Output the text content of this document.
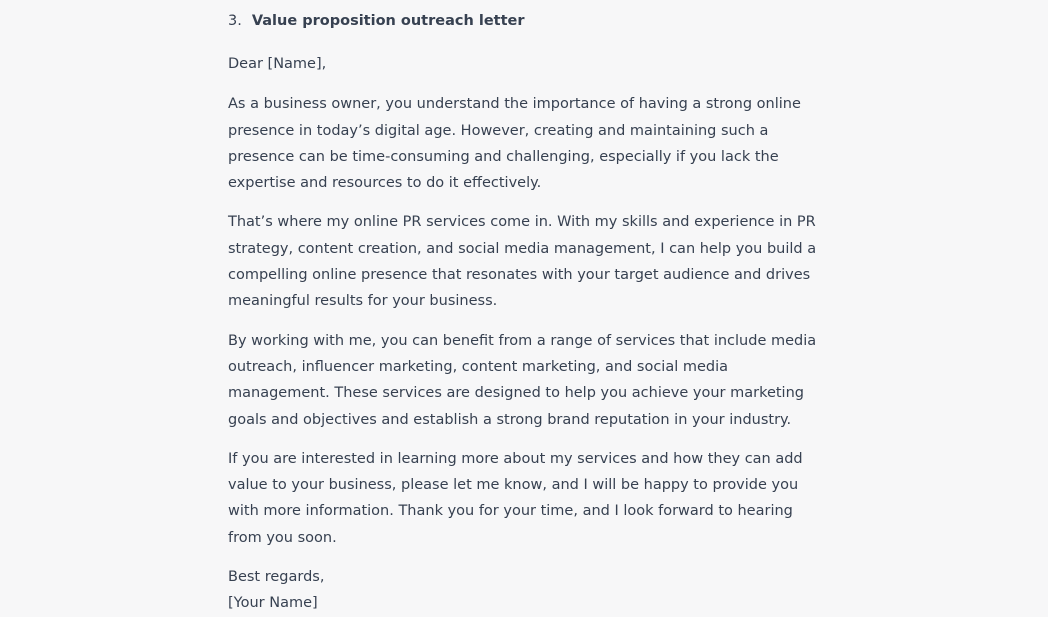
3. Value proposition outreach letter

Dear [Name],

As a business owner, you understand the importance of having a strong online presence in today’s digital age. However, creating and maintaining such a presence can be time-consuming and challenging, especially if you lack the expertise and resources to do it effectively.

That’s where my online PR services come in. With my skills and experience in PR strategy, content creation, and social media management, I can help you build a compelling online presence that resonates with your target audience and drives meaningful results for your business.

By working with me, you can benefit from a range of services that include media outreach, influencer marketing, content marketing, and social media management. These services are designed to help you achieve your marketing goals and objectives and establish a strong brand reputation in your industry.

If you are interested in learning more about my services and how they can add value to your business, please let me know, and I will be happy to provide you with more information. Thank you for your time, and I look forward to hearing from you soon.

Best regards,
[Your Name]
